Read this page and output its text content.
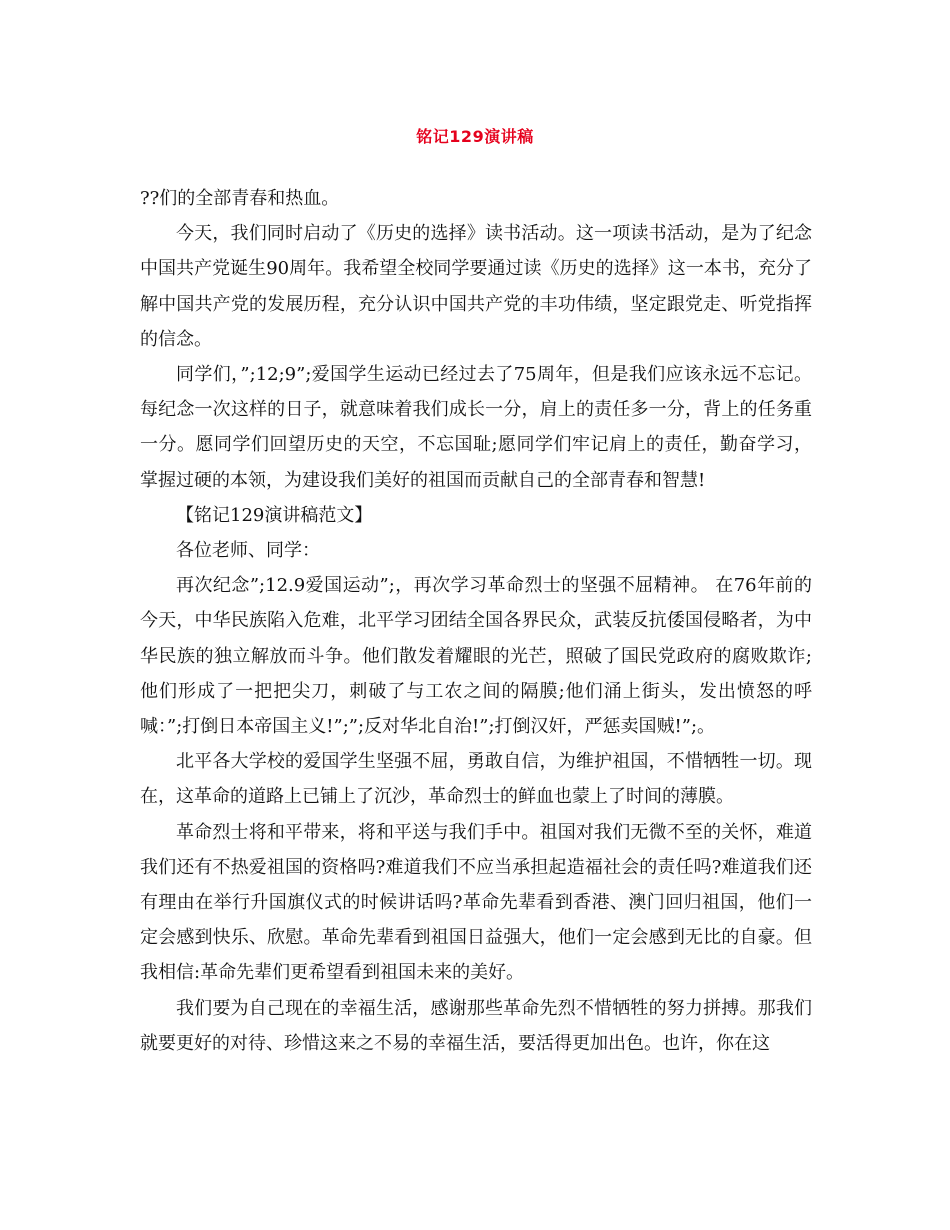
铭记129演讲稿

??们的全部青春和热血。

今天，我们同时启动了《历史的选择》读书活动。这一项读书活动，是为了纪念中国共产党诞生90周年。我希望全校同学要通过读《历史的选择》这一本书，充分了解中国共产党的发展历程，充分认识中国共产党的丰功伟绩，坚定跟党走、听党指挥的信念。

同学们，”;12;9”;爱国学生运动已经过去了75周年，但是我们应该永远不忘记。每纪念一次这样的日子，就意味着我们成长一分，肩上的责任多一分，背上的任务重一分。愿同学们回望历史的天空，不忘国耻;愿同学们牢记肩上的责任，勤奋学习，掌握过硬的本领，为建设我们美好的祖国而贡献自己的全部青春和智慧!

【铭记129演讲稿范文】

各位老师、同学：

再次纪念”;12.9爱国运动”;，再次学习革命烈士的坚强不屈精神。 在76年前的今天，中华民族陷入危难，北平学习团结全国各界民众，武装反抗倭国侵略者，为中华民族的独立解放而斗争。他们散发着耀眼的光芒，照破了国民党政府的腐败欺诈;他们形成了一把把尖刀，刺破了与工农之间的隔膜;他们涌上街头，发出愤怒的呼喊：”;打倒日本帝国主义!”;”;反对华北自治!”;打倒汉奸，严惩卖国贼!”;。

北平各大学校的爱国学生坚强不屈，勇敢自信，为维护祖国，不惜牺牲一切。现在，这革命的道路上已铺上了沉沙，革命烈士的鲜血也蒙上了时间的薄膜。

革命烈士将和平带来，将和平送与我们手中。祖国对我们无微不至的关怀，难道我们还有不热爱祖国的资格吗?难道我们不应当承担起造福社会的责任吗?难道我们还有理由在举行升国旗仪式的时候讲话吗?革命先辈看到香港、澳门回归祖国，他们一定会感到快乐、欣慰。革命先辈看到祖国日益强大，他们一定会感到无比的自豪。但我相信:革命先辈们更希望看到祖国未来的美好。

我们要为自己现在的幸福生活，感谢那些革命先烈不惜牺牲的努力拼搏。那我们就要更好的对待、珍惜这来之不易的幸福生活，要活得更加出色。也许，你在这
